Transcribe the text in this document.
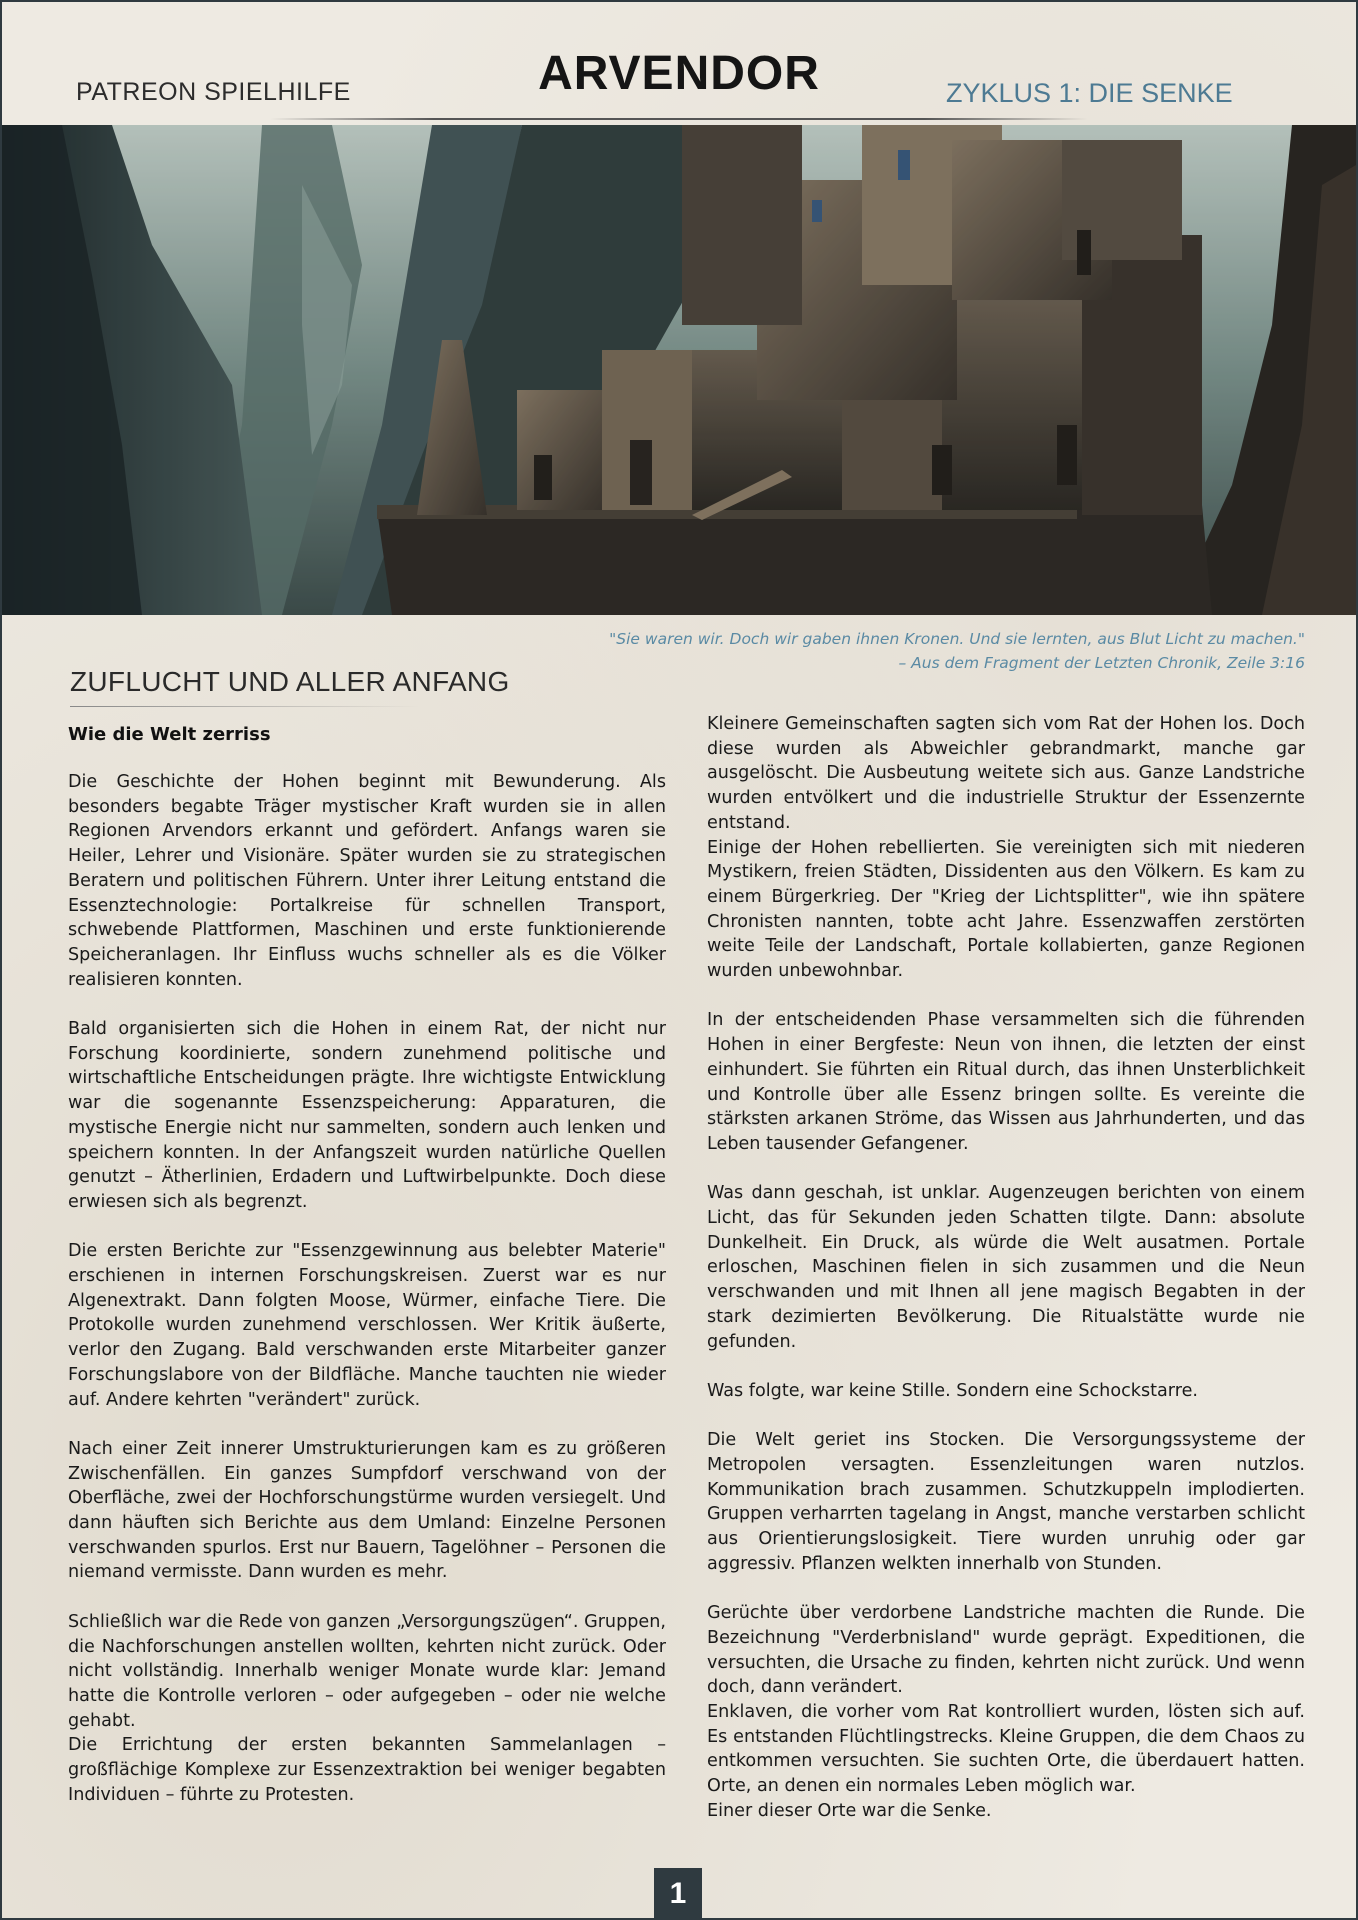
PATREON SPIELHILFE	ARVENDOR	ZYKLUS 1: DIE SENKE
"Sie waren wir. Doch wir gaben ihnen Kronen. Und sie lernten, aus Blut Licht zu machen."
– Aus dem Fragment der Letzten Chronik, Zeile 3:16
ZUFLUCHT UND ALLER ANFANG
Wie die Welt zerriss

Die Geschichte der Hohen beginnt mit Bewunderung. Als besonders begabte Träger mystischer Kraft wurden sie in allen Regionen Arvendors erkannt und gefördert. Anfangs waren sie Heiler, Lehrer und Visionäre. Später wurden sie zu strategischen Beratern und politischen Führern. Unter ihrer Leitung entstand die Essenztechnologie: Portalkreise für schnellen Transport, schwebende Plattformen, Maschinen und erste funktionierende Speicheranlagen. Ihr Einfluss wuchs schneller als es die Völker realisieren konnten.

Bald organisierten sich die Hohen in einem Rat, der nicht nur Forschung koordinierte, sondern zunehmend politische und wirtschaftliche Entscheidungen prägte. Ihre wichtigste Entwicklung war die sogenannte Essenzspeicherung: Apparaturen, die mystische Energie nicht nur sammelten, sondern auch lenken und speichern konnten. In der Anfangszeit wurden natürliche Quellen genutzt – Ätherlinien, Erdadern und Luftwirbelpunkte. Doch diese erwiesen sich als begrenzt.

Die ersten Berichte zur "Essenzgewinnung aus belebter Materie" erschienen in internen Forschungskreisen. Zuerst war es nur Algenextrakt. Dann folgten Moose, Würmer, einfache Tiere. Die Protokolle wurden zunehmend verschlossen. Wer Kritik äußerte, verlor den Zugang. Bald verschwanden erste Mitarbeiter ganzer Forschungslabore von der Bildfläche. Manche tauchten nie wieder auf. Andere kehrten "verändert" zurück.

Nach einer Zeit innerer Umstrukturierungen kam es zu größeren Zwischenfällen. Ein ganzes Sumpfdorf verschwand von der Oberfläche, zwei der Hochforschungstürme wurden versiegelt. Und dann häuften sich Berichte aus dem Umland: Einzelne Personen verschwanden spurlos. Erst nur Bauern, Tagelöhner – Personen die niemand vermisste. Dann wurden es mehr.

Schließlich war die Rede von ganzen „Versorgungszügen“. Gruppen, die Nachforschungen anstellen wollten, kehrten nicht zurück. Oder nicht vollständig. Innerhalb weniger Monate wurde klar: Jemand hatte die Kontrolle verloren – oder aufgegeben – oder nie welche gehabt.

Die Errichtung der ersten bekannten Sammelanlagen – großflächige Komplexe zur Essenzextraktion bei weniger begabten Individuen – führte zu Protesten.

Kleinere Gemeinschaften sagten sich vom Rat der Hohen los. Doch diese wurden als Abweichler gebrandmarkt, manche gar ausgelöscht. Die Ausbeutung weitete sich aus. Ganze Landstriche wurden entvölkert und die industrielle Struktur der Essenzernte entstand.

Einige der Hohen rebellierten. Sie vereinigten sich mit niederen Mystikern, freien Städten, Dissidenten aus den Völkern. Es kam zu einem Bürgerkrieg. Der "Krieg der Lichtsplitter", wie ihn spätere Chronisten nannten, tobte acht Jahre. Essenzwaffen zerstörten weite Teile der Landschaft, Portale kollabierten, ganze Regionen wurden unbewohnbar.

In der entscheidenden Phase versammelten sich die führenden Hohen in einer Bergfeste: Neun von ihnen, die letzten der einst einhundert. Sie führten ein Ritual durch, das ihnen Unsterblichkeit und Kontrolle über alle Essenz bringen sollte. Es vereinte die stärksten arkanen Ströme, das Wissen aus Jahrhunderten, und das Leben tausender Gefangener.

Was dann geschah, ist unklar. Augenzeugen berichten von einem Licht, das für Sekunden jeden Schatten tilgte. Dann: absolute Dunkelheit. Ein Druck, als würde die Welt ausatmen. Portale erloschen, Maschinen fielen in sich zusammen und die Neun verschwanden und mit Ihnen all jene magisch Begabten in der stark dezimierten Bevölkerung. Die Ritualstätte wurde nie gefunden.

Was folgte, war keine Stille. Sondern eine Schockstarre.

Die Welt geriet ins Stocken. Die Versorgungssysteme der Metropolen versagten. Essenzleitungen waren nutzlos. Kommunikation brach zusammen. Schutzkuppeln implodierten. Gruppen verharrten tagelang in Angst, manche verstarben schlicht aus Orientierungslosigkeit. Tiere wurden unruhig oder gar aggressiv. Pflanzen welkten innerhalb von Stunden.

Gerüchte über verdorbene Landstriche machten die Runde. Die Bezeichnung "Verderbnisland" wurde geprägt. Expeditionen, die versuchten, die Ursache zu finden, kehrten nicht zurück. Und wenn doch, dann verändert.

Enklaven, die vorher vom Rat kontrolliert wurden, lösten sich auf. Es entstanden Flüchtlingstrecks. Kleine Gruppen, die dem Chaos zu entkommen versuchten. Sie suchten Orte, die überdauert hatten. Orte, an denen ein normales Leben möglich war.

Einer dieser Orte war die Senke.

1
